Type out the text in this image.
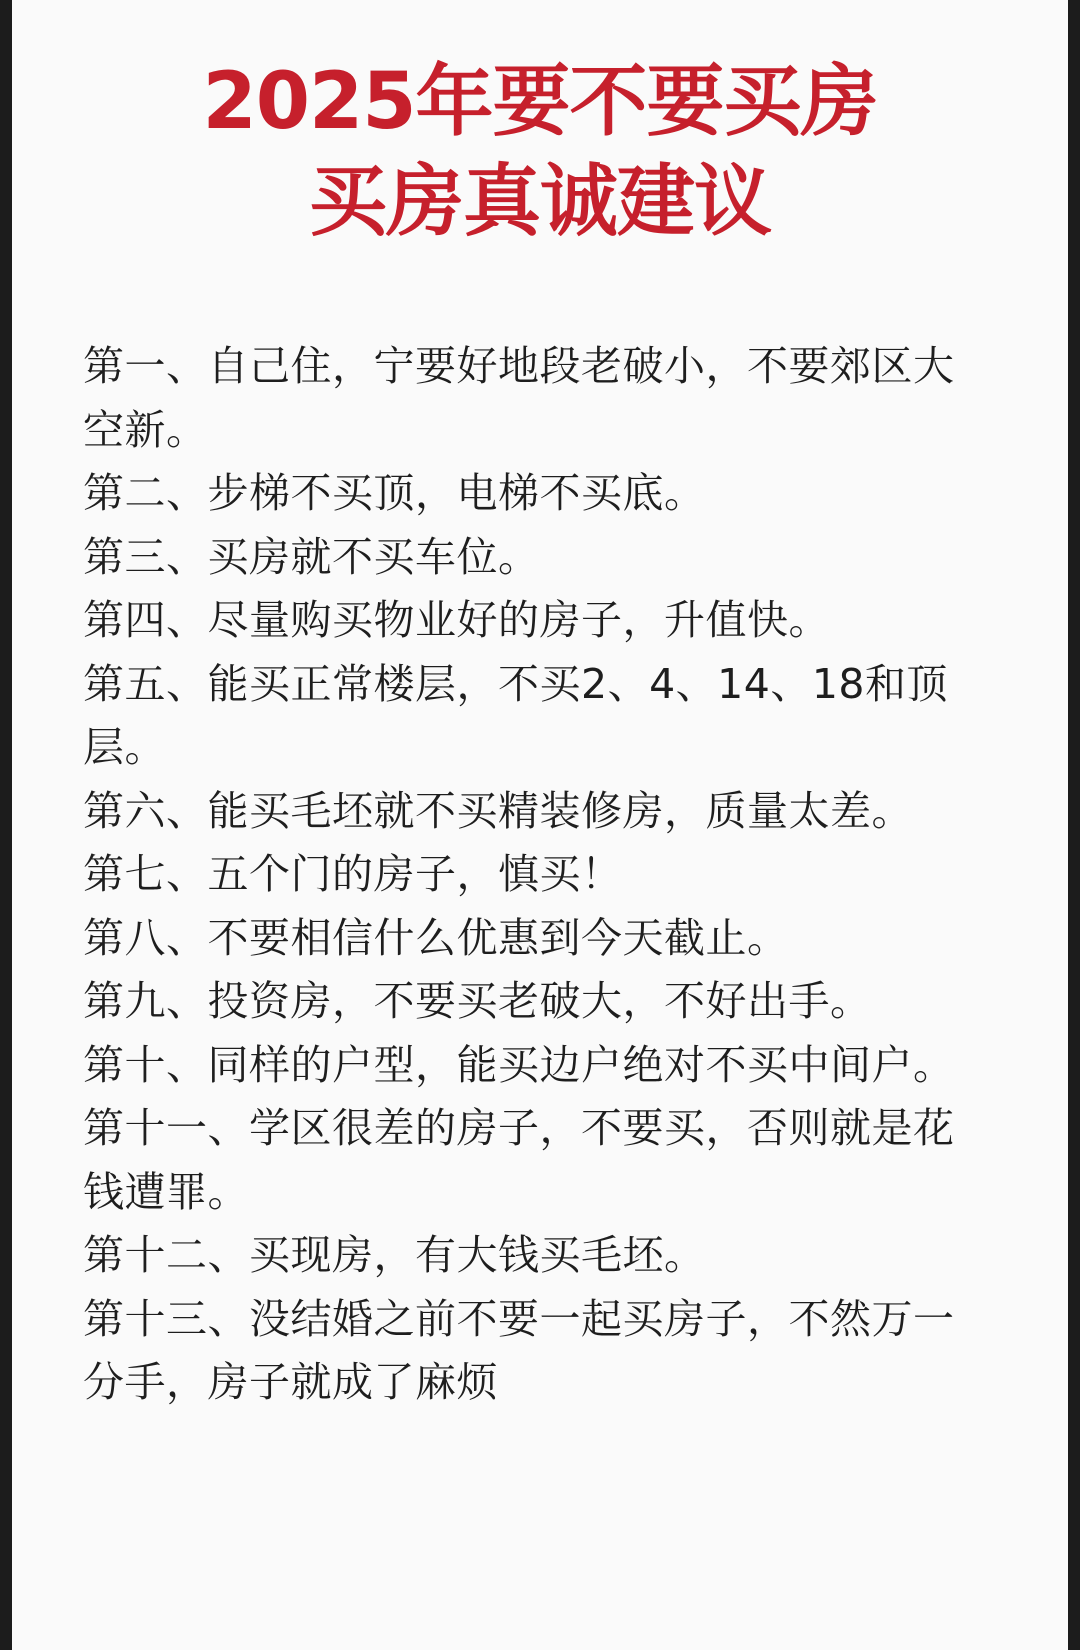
2025年要不要买房
买房真诚建议
第一、自己住，宁要好地段老破小，不要郊区大空新。
第二、步梯不买顶，电梯不买底。
第三、买房就不买车位。
第四、尽量购买物业好的房子，升值快。
第五、能买正常楼层，不买2、4、14、18和顶层。
第六、能买毛坯就不买精装修房，质量太差。
第七、五个门的房子，慎买！
第八、不要相信什么优惠到今天截止。
第九、投资房，不要买老破大，不好出手。
第十、同样的户型，能买边户绝对不买中间户。
第十一、学区很差的房子，不要买，否则就是花钱遭罪。
第十二、买现房，有大钱买毛坯。
第十三、没结婚之前不要一起买房子，不然万一分手，房子就成了麻烦
